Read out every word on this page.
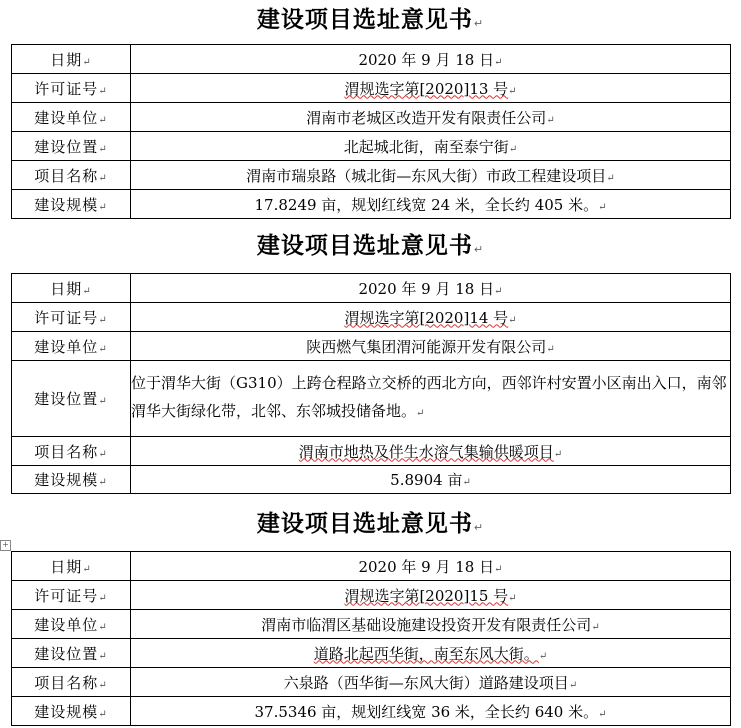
建设项目选址意见书↵
日期↵	2020 年 9 月 18 日↵
许可证号↵	渭规选字第[2020]13 号↵
建设单位↵	渭南市老城区改造开发有限责任公司↵
建设位置↵	北起城北街，南至泰宁街↵
项目名称↵	渭南市瑞泉路（城北街—东风大街）市政工程建设项目↵
建设规模↵	17.8249 亩，规划红线宽 24 米，全长约 405 米。↵
建设项目选址意见书↵
日期↵	2020 年 9 月 18 日↵
许可证号↵	渭规选字第[2020]14 号↵
建设单位↵	陕西燃气集团渭河能源开发有限公司↵
建设位置↵	位于渭华大街（G310）上跨仓程路立交桥的西北方向，西邻许村安置小区南出入口，南邻渭华大街绿化带，北邻、东邻城投储备地。↵
项目名称↵	渭南市地热及伴生水溶气集输供暖项目↵
建设规模↵	5.8904 亩↵
建设项目选址意见书↵
+
日期↵	2020 年 9 月 18 日↵
许可证号↵	渭规选字第[2020]15 号↵
建设单位↵	渭南市临渭区基础设施建设投资开发有限责任公司↵
建设位置↵	道路北起西华街，南至东风大街。↵
项目名称↵	六泉路（西华街—东风大街）道路建设项目↵
建设规模↵	37.5346 亩，规划红线宽 36 米，全长约 640 米。↵
